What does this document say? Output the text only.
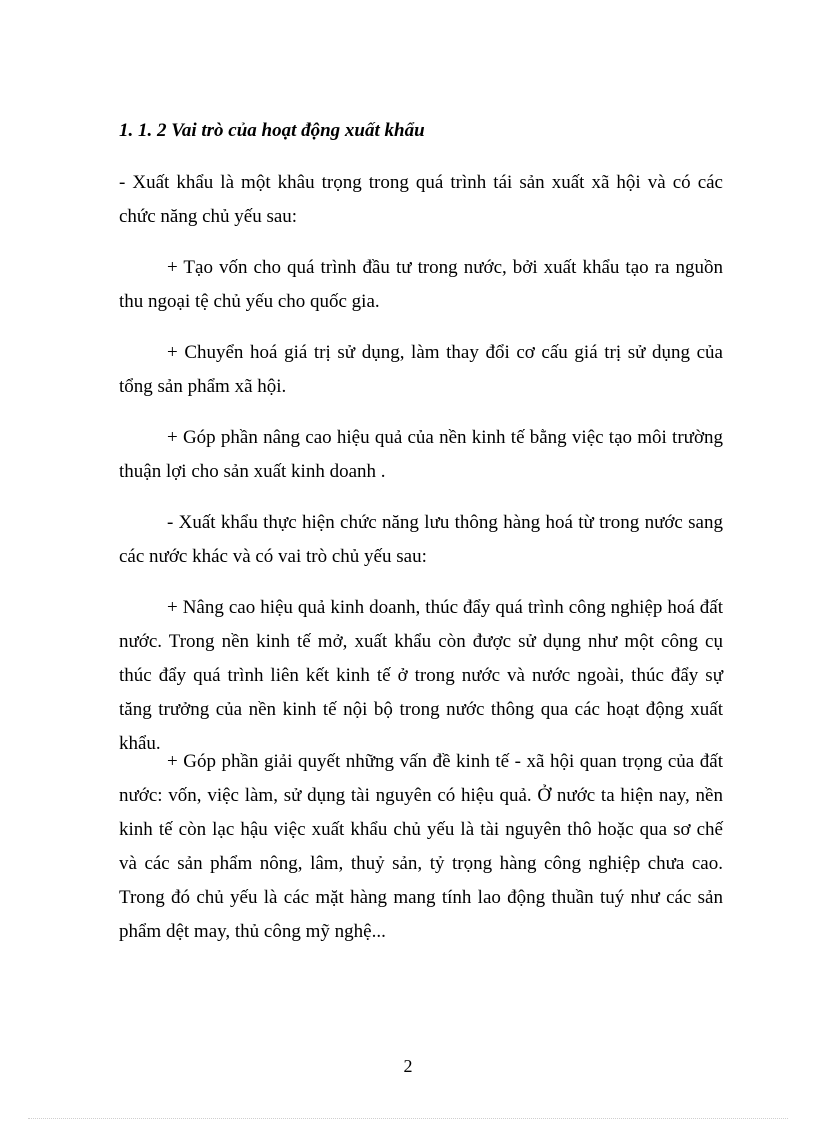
1. 1. 2 Vai trò của hoạt động xuất khẩu
- Xuất khẩu là một khâu trọng trong quá trình tái sản xuất xã hội và có các chức năng chủ yếu sau:
+ Tạo vốn cho quá trình đầu tư trong nước, bởi xuất khẩu tạo ra nguồn thu ngoại tệ chủ yếu cho quốc gia.
+ Chuyển hoá giá trị sử dụng, làm thay đổi cơ cấu giá trị sử dụng của tổng sản phẩm xã hội.
+ Góp phần nâng cao hiệu quả của nền kinh tế bằng việc tạo môi trường thuận lợi cho sản xuất kinh doanh .
- Xuất khẩu thực hiện chức năng lưu thông hàng hoá từ trong nước sang các nước khác và có vai trò chủ yếu sau:
+ Nâng cao hiệu quả kinh doanh, thúc đẩy quá trình công nghiệp hoá đất nước. Trong nền kinh tế mở, xuất khẩu còn được sử dụng như một công cụ thúc đẩy quá trình liên kết kinh tế ở trong nước và nước ngoài, thúc đẩy sự tăng trưởng của nền kinh tế nội bộ trong nước thông qua các hoạt động xuất khẩu.
+ Góp phần giải quyết những vấn đề kinh tế - xã hội quan trọng của đất nước: vốn, việc làm, sử dụng tài nguyên có hiệu quả. Ở nước ta hiện nay, nền kinh tế còn lạc hậu việc xuất khẩu chủ yếu là tài nguyên thô hoặc qua sơ chế và các sản phẩm nông, lâm, thuỷ sản, tỷ trọng hàng công nghiệp chưa cao. Trong đó chủ yếu là các mặt hàng mang tính lao động thuần tuý như các sản phẩm dệt may, thủ công mỹ nghệ...
2
